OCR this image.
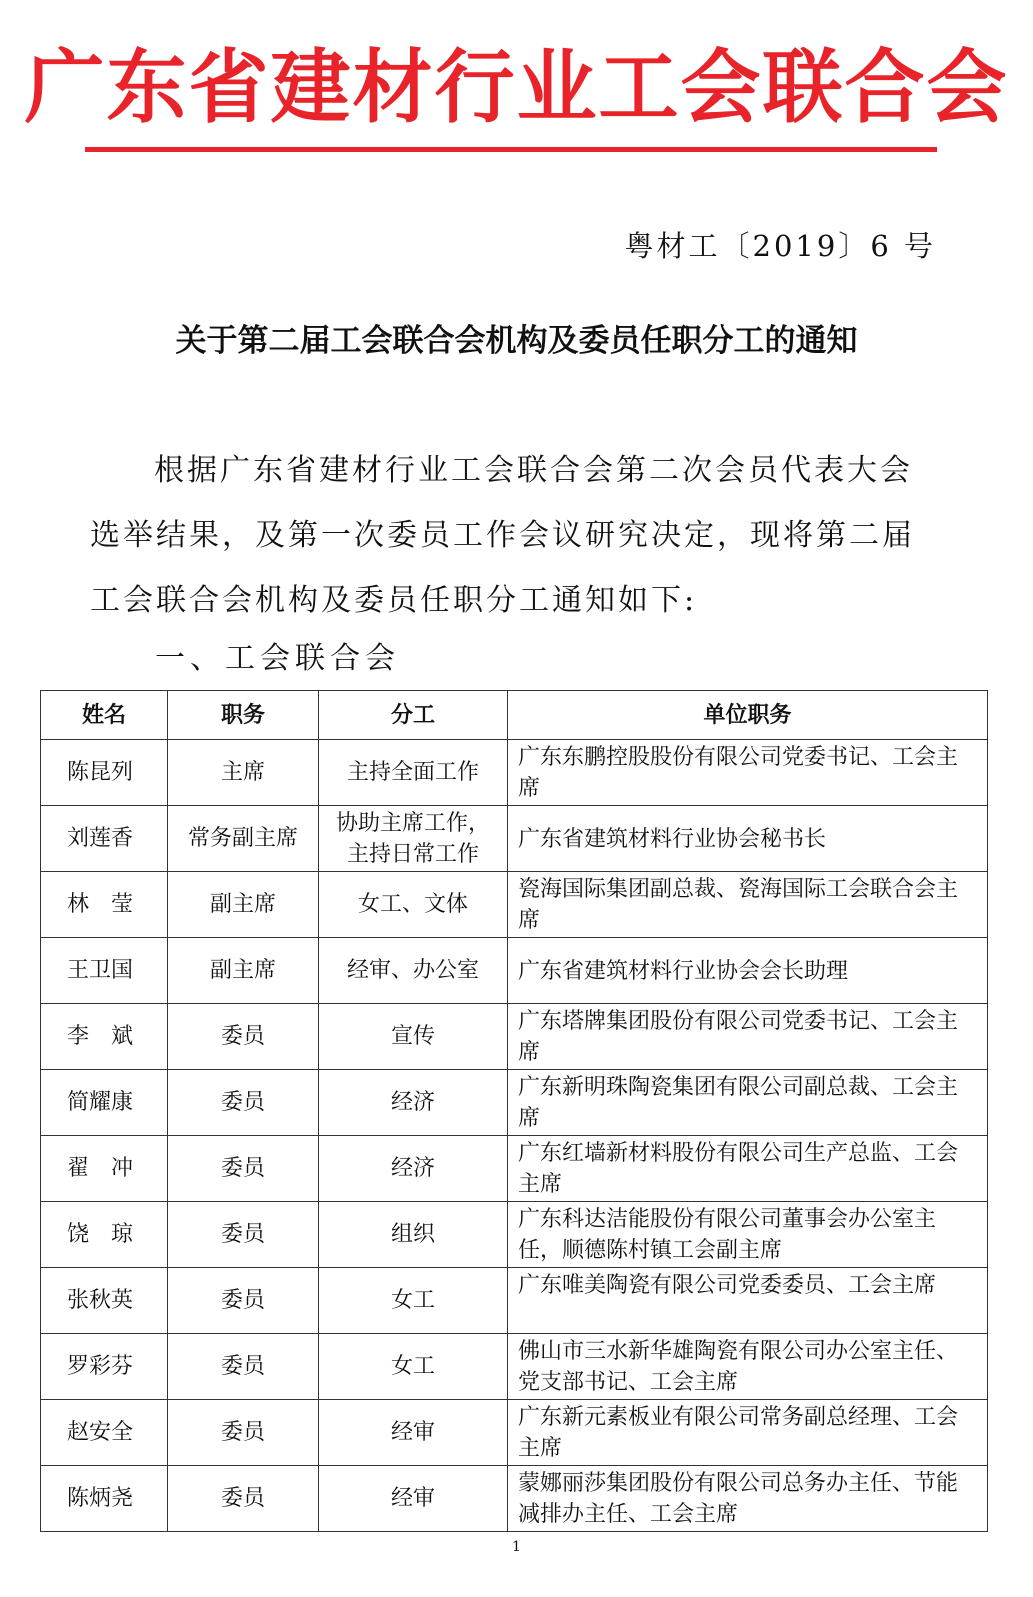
广东省建材行业工会联合会
粤材工〔2019〕6 号
关于第二届工会联合会机构及委员任职分工的通知

根据广东省建材行业工会联合会第二次会员代表大会选举结果，及第一次委员工作会议研究决定，现将第二届工会联合会机构及委员任职分工通知如下:

一、工会联合会
姓名	职务	分工	单位职务
陈昆列	主席	主持全面工作	广东东鹏控股股份有限公司党委书记、工会主席
刘莲香	常务副主席	协助主席工作，主持日常工作	广东省建筑材料行业协会秘书长
林　莹	副主席	女工、文体	瓷海国际集团副总裁、瓷海国际工会联合会主席
王卫国	副主席	经审、办公室	广东省建筑材料行业协会会长助理
李　斌	委员	宣传	广东塔牌集团股份有限公司党委书记、工会主席
简耀康	委员	经济	广东新明珠陶瓷集团有限公司副总裁、工会主席
翟　冲	委员	经济	广东红墙新材料股份有限公司生产总监、工会主席
饶　琼	委员	组织	广东科达洁能股份有限公司董事会办公室主任，顺德陈村镇工会副主席
张秋英	委员	女工	广东唯美陶瓷有限公司党委委员、工会主席
罗彩芬	委员	女工	佛山市三水新华雄陶瓷有限公司办公室主任、党支部书记、工会主席
赵安全	委员	经审	广东新元素板业有限公司常务副总经理、工会主席
陈炳尧	委员	经审	蒙娜丽莎集团股份有限公司总务办主任、节能减排办主任、工会主席
1
